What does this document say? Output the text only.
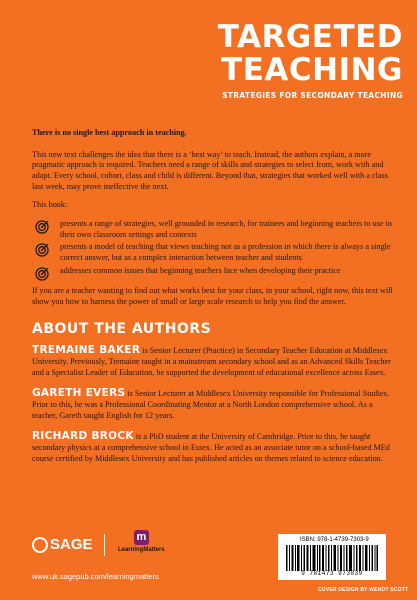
TARGETED
TEACHING
STRATEGIES FOR SECONDARY TEACHING

There is no single best approach in teaching.

This new text challenges the idea that there is a ‘best way’ to teach. Instead, the authors explain, a more pragmatic approach is required. Teachers need a range of skills and strategies to select from, work with and adapt. Every school, cohort, class and child is different. Beyond that, strategies that worked well with a class last week, may prove ineffective the next.

This book:

presents a range of strategies, well grounded in research, for trainees and beginning teachers to use in their own classroom settings and contexts
presents a model of teaching that views teaching not as a profession in which there is always a single correct answer, but as a complex interaction between teacher and students
addresses common issues that beginning teachers face when developing their practice

If you are a teacher wanting to find out what works best for your class, in your school, right now, this text will show you how to harness the power of small or large scale research to help you find the answer.

ABOUT THE AUTHORS

TREMAINE BAKER is Senior Lecturer (Practice) in Secondary Teacher Education at Middlesex University. Previously, Tremaine taught in a mainstream secondary school and as an Advanced Skills Teacher and a Specialist Leader of Education, he supported the development of educational excellence across Essex.

GARETH EVERS is Senior Lecturer at Middlesex University responsible for Professional Studies. Prior to this, he was a Professional Coordinating Mentor at a North London comprehensive school. As a teacher, Gareth taught English for 12 years.

RICHARD BROCK is a PhD student at the University of Cambridge. Prior to this, he taught secondary physics at a comprehensive school in Essex. He acted as an associate tutor on a school-based MEd course certified by Middlesex University and has published articles on themes related to science education.

SAGE	m
LearningMatters
www.uk.sagepub.com/learningmatters
ISBN: 978-1-4739-7303-9
9 781473 973039
COVER DESIGN BY WENDY SCOTT
